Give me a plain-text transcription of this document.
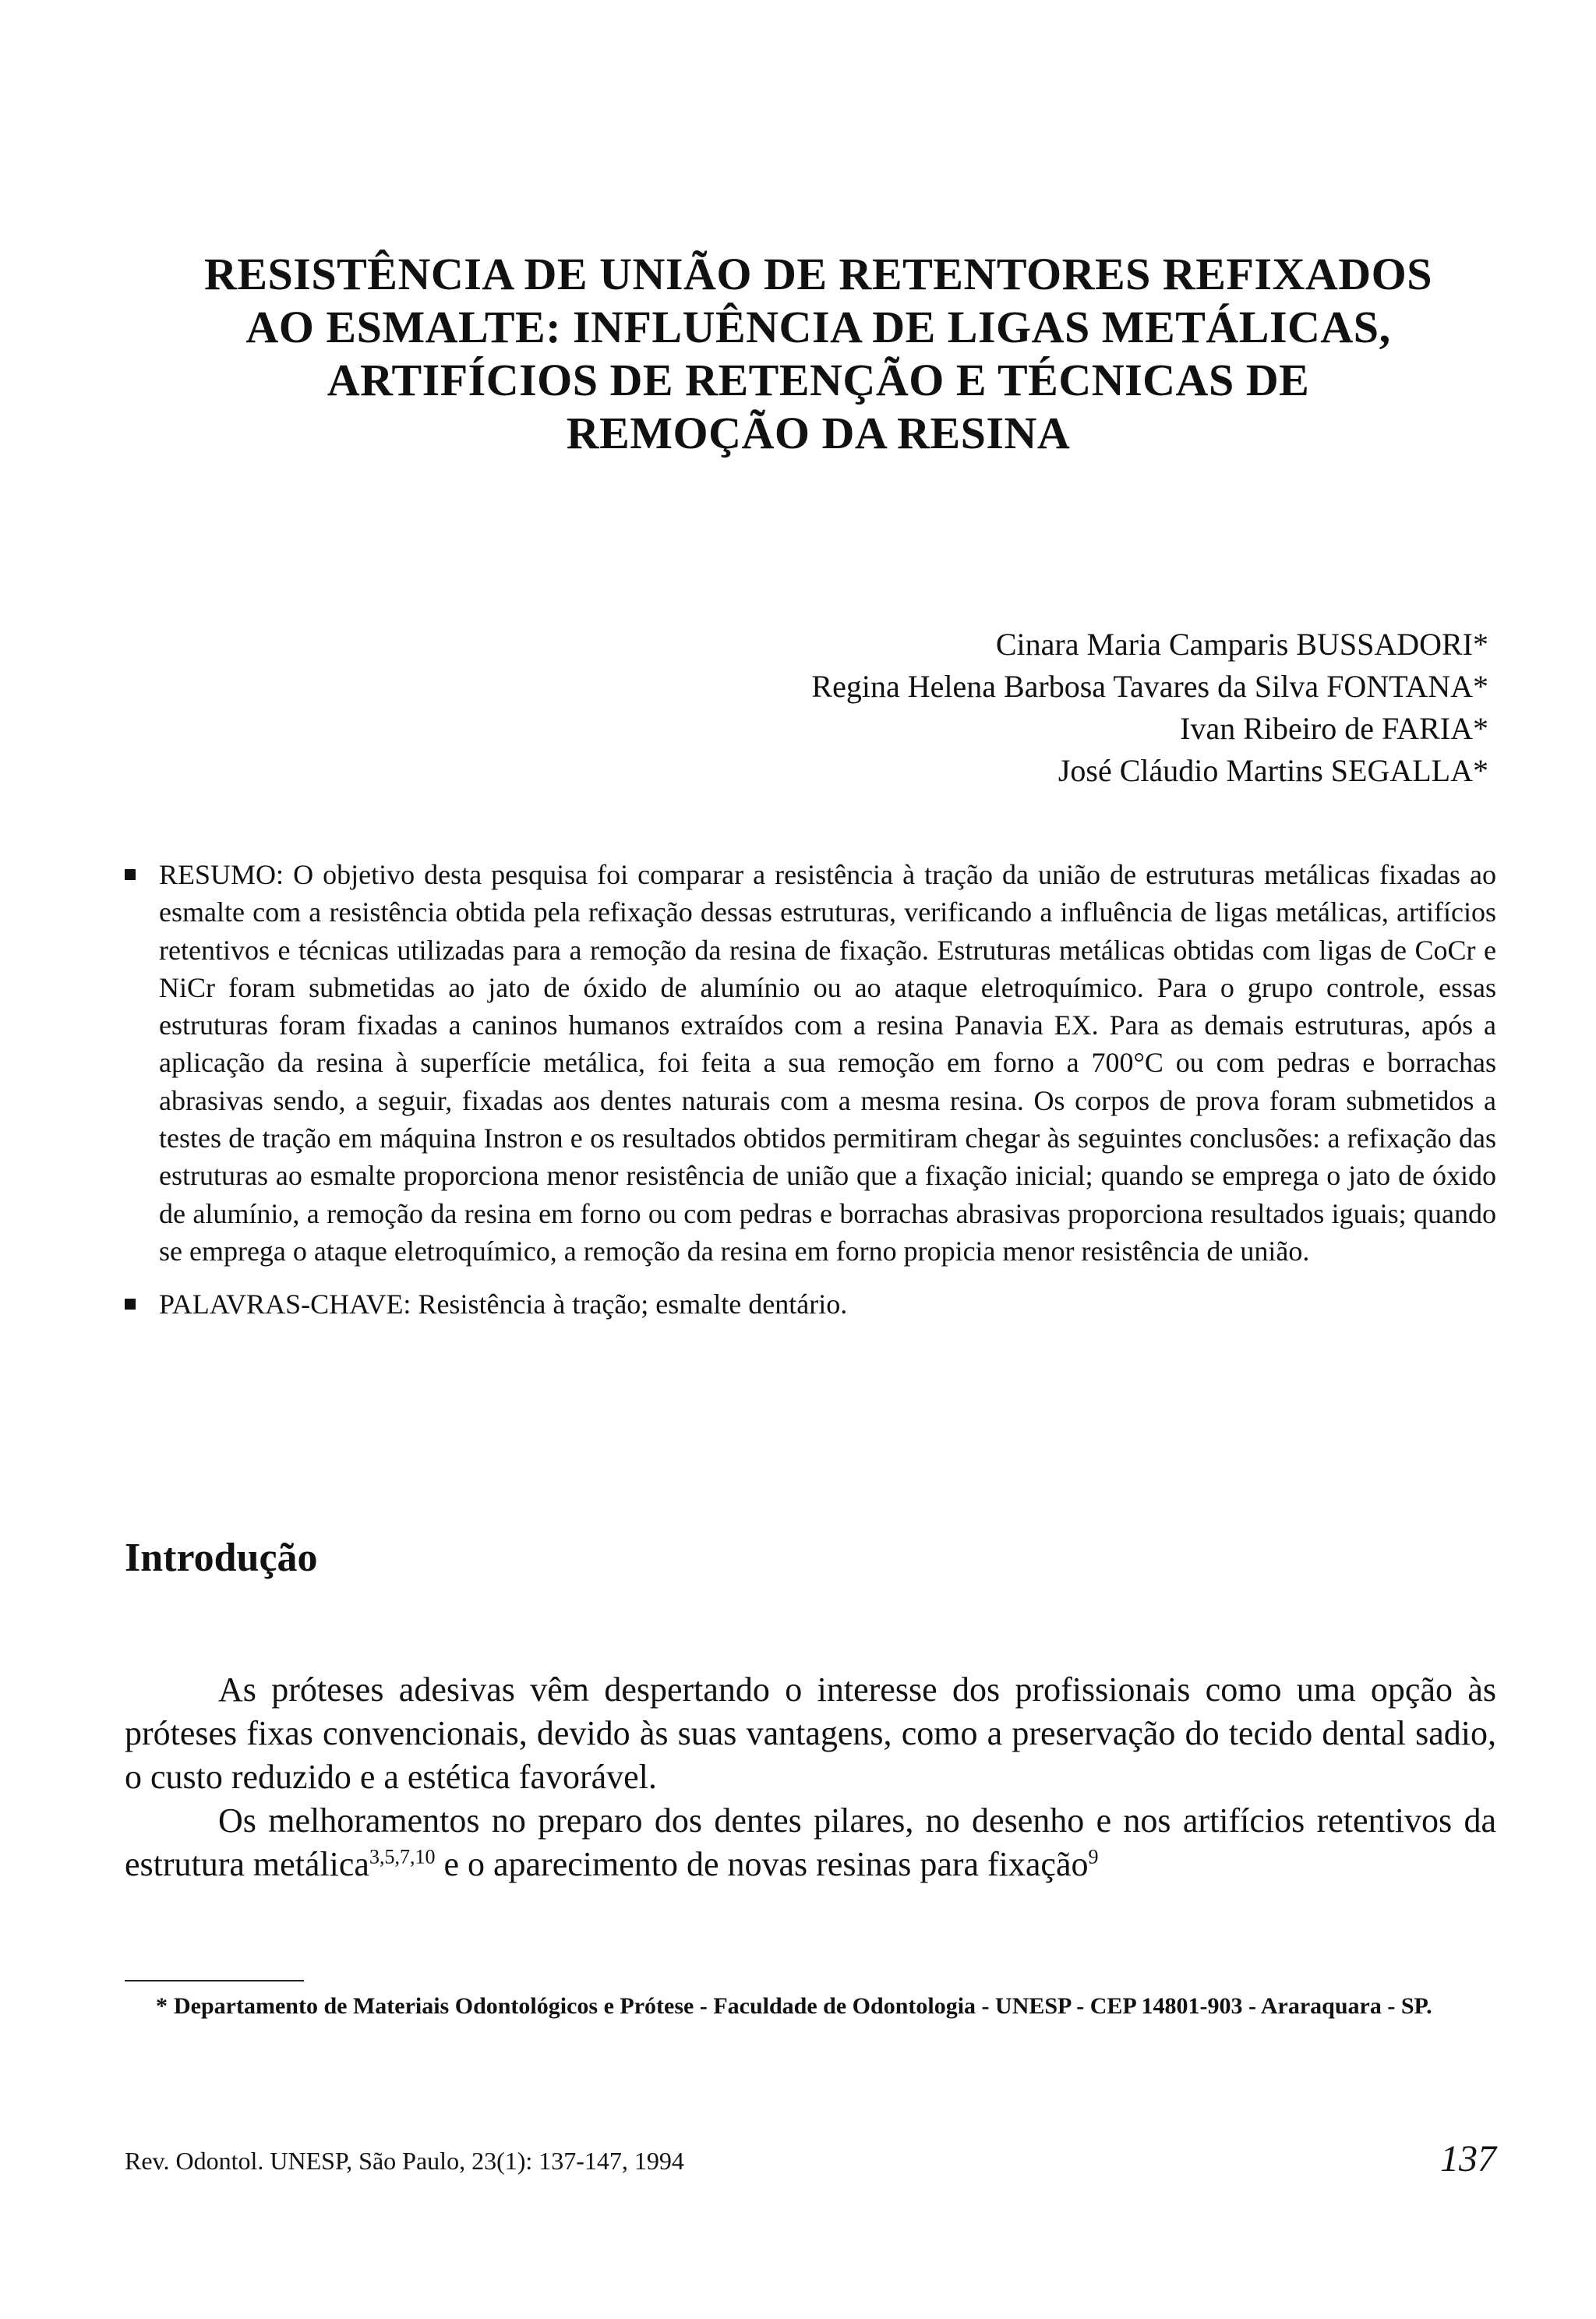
RESISTÊNCIA DE UNIÃO DE RETENTORES REFIXADOS
AO ESMALTE: INFLUÊNCIA DE LIGAS METÁLICAS,
ARTIFÍCIOS DE RETENÇÃO E TÉCNICAS DE
REMOÇÃO DA RESINA
Cinara Maria Camparis BUSSADORI*
Regina Helena Barbosa Tavares da Silva FONTANA*
Ivan Ribeiro de FARIA*
José Cláudio Martins SEGALLA*
RESUMO: O objetivo desta pesquisa foi comparar a resistência à tração da união de estruturas metálicas fixadas ao esmalte com a resistência obtida pela refixação dessas estruturas, verificando a influência de ligas metálicas, artifícios retentivos e técnicas utilizadas para a remoção da resina de fixação. Estruturas metálicas obtidas com ligas de CoCr e NiCr foram submetidas ao jato de óxido de alumínio ou ao ataque eletroquímico. Para o grupo controle, essas estruturas foram fixadas a caninos humanos extraídos com a resina Panavia EX. Para as demais estruturas, após a aplicação da resina à superfície metálica, foi feita a sua remoção em forno a 700°C ou com pedras e borrachas abrasivas sendo, a seguir, fixadas aos dentes naturais com a mesma resina. Os corpos de prova foram submetidos a testes de tração em máquina Instron e os resultados obtidos permitiram chegar às seguintes conclusões: a refixação das estruturas ao esmalte proporciona menor resistência de união que a fixação inicial; quando se emprega o jato de óxido de alumínio, a remoção da resina em forno ou com pedras e borrachas abrasivas proporciona resultados iguais; quando se emprega o ataque eletroquímico, a remoção da resina em forno propicia menor resistência de união.
PALAVRAS-CHAVE: Resistência à tração; esmalte dentário.
Introdução

As próteses adesivas vêm despertando o interesse dos profissionais como uma opção às próteses fixas convencionais, devido às suas vantagens, como a preservação do tecido dental sadio, o custo reduzido e a estética favorável.

Os melhoramentos no preparo dos dentes pilares, no desenho e nos artifícios retentivos da estrutura metálica$^{3,5,7,10}$ e o aparecimento de novas resinas para fixação$^9$

* Departamento de Materiais Odontológicos e Prótese - Faculdade de Odontologia - UNESP - CEP 14801-903 - Araraquara - SP.
Rev. Odontol. UNESP, São Paulo, 23(1): 137-147, 1994	137
